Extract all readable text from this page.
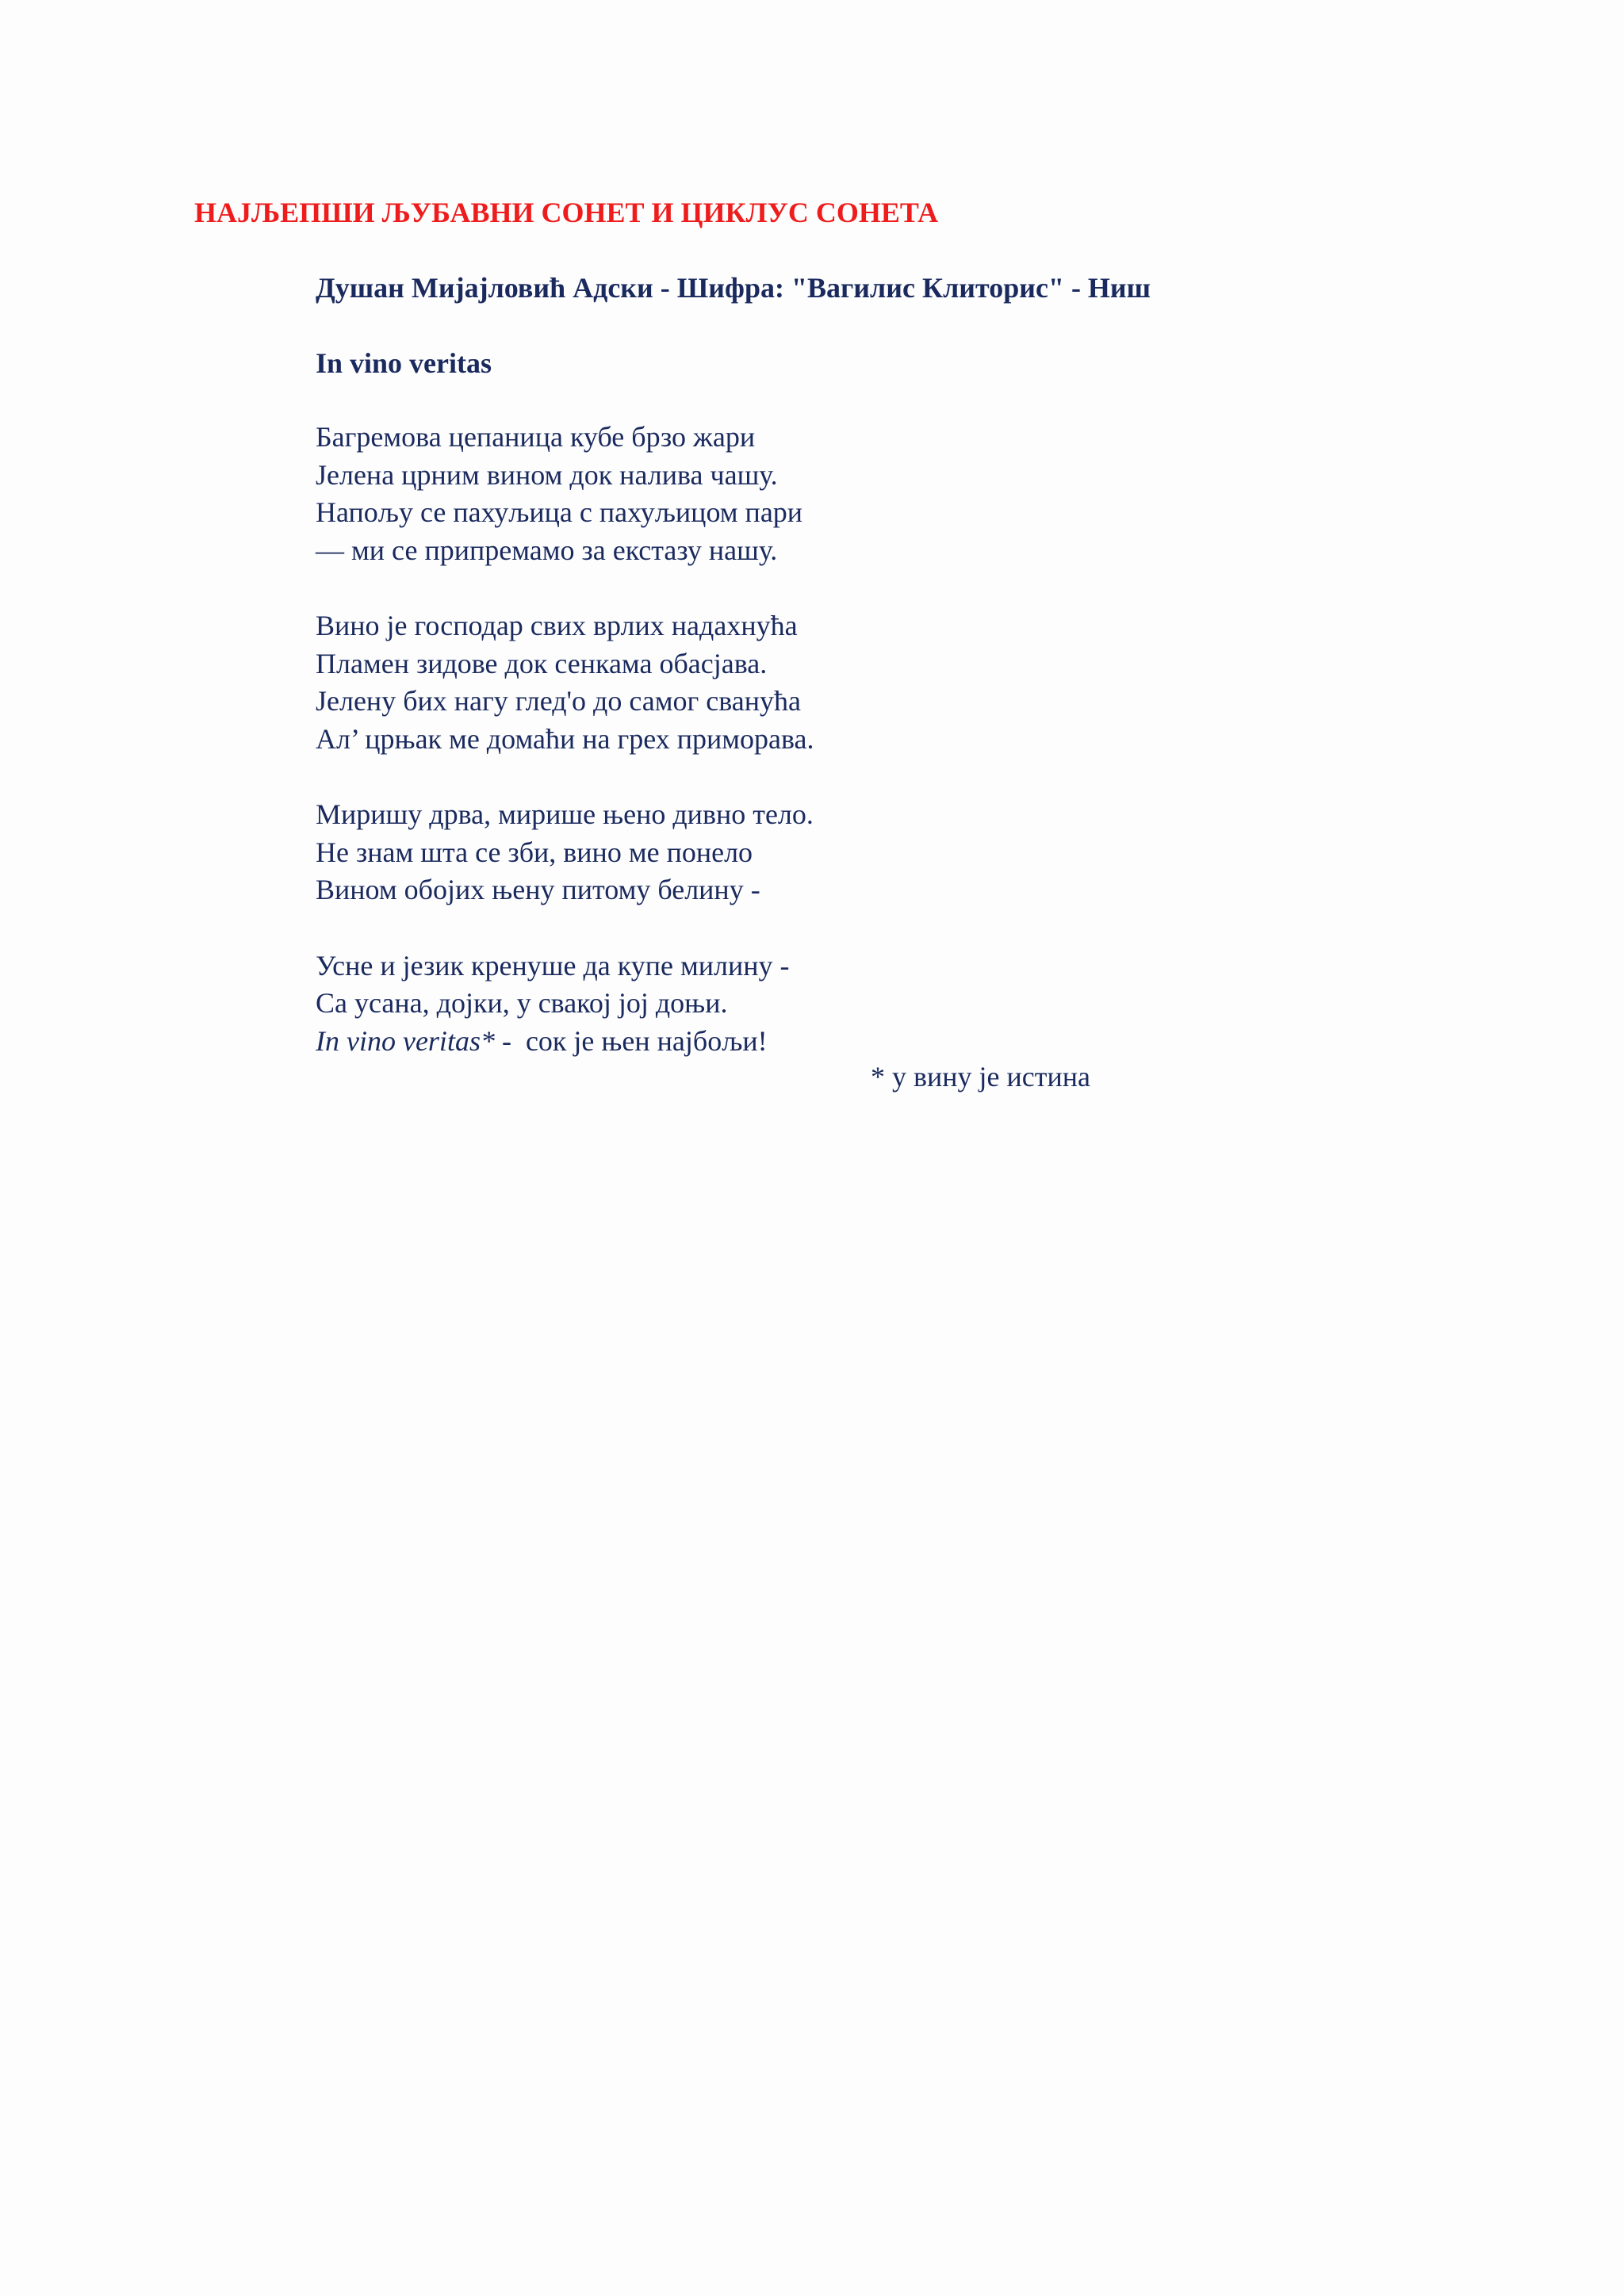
НАЈЉЕПШИ ЉУБАВНИ СОНЕТ И ЦИКЛУС СОНЕТА
Душан Мијајловић Адски - Шифра: "Вагилис Клиторис" - Ниш
In vino veritas
Багремова цепаница кубе брзо жари
Јелена црним вином док налива чашу.
Напољу се пахуљица с пахуљицом пари
— ми се припремамо за екстазу нашу.
Вино је господар свих врлих надахнућа
Пламен зидове док сенкама обасјава.
Јелену бих нагу глед'о до самог сванућа
Ал’ црњак ме домаћи на грех приморава.
Миришу дрва, мирише њено дивно тело.
Не знам шта се зби, вино ме понело
Вином обојих њену питому белину -
Усне и језик кренуше да купе милину -
Са усана, дојки, у свакој јој доњи.
In vino veritas* -  сок је њен најбољи!
* у вину је истина
